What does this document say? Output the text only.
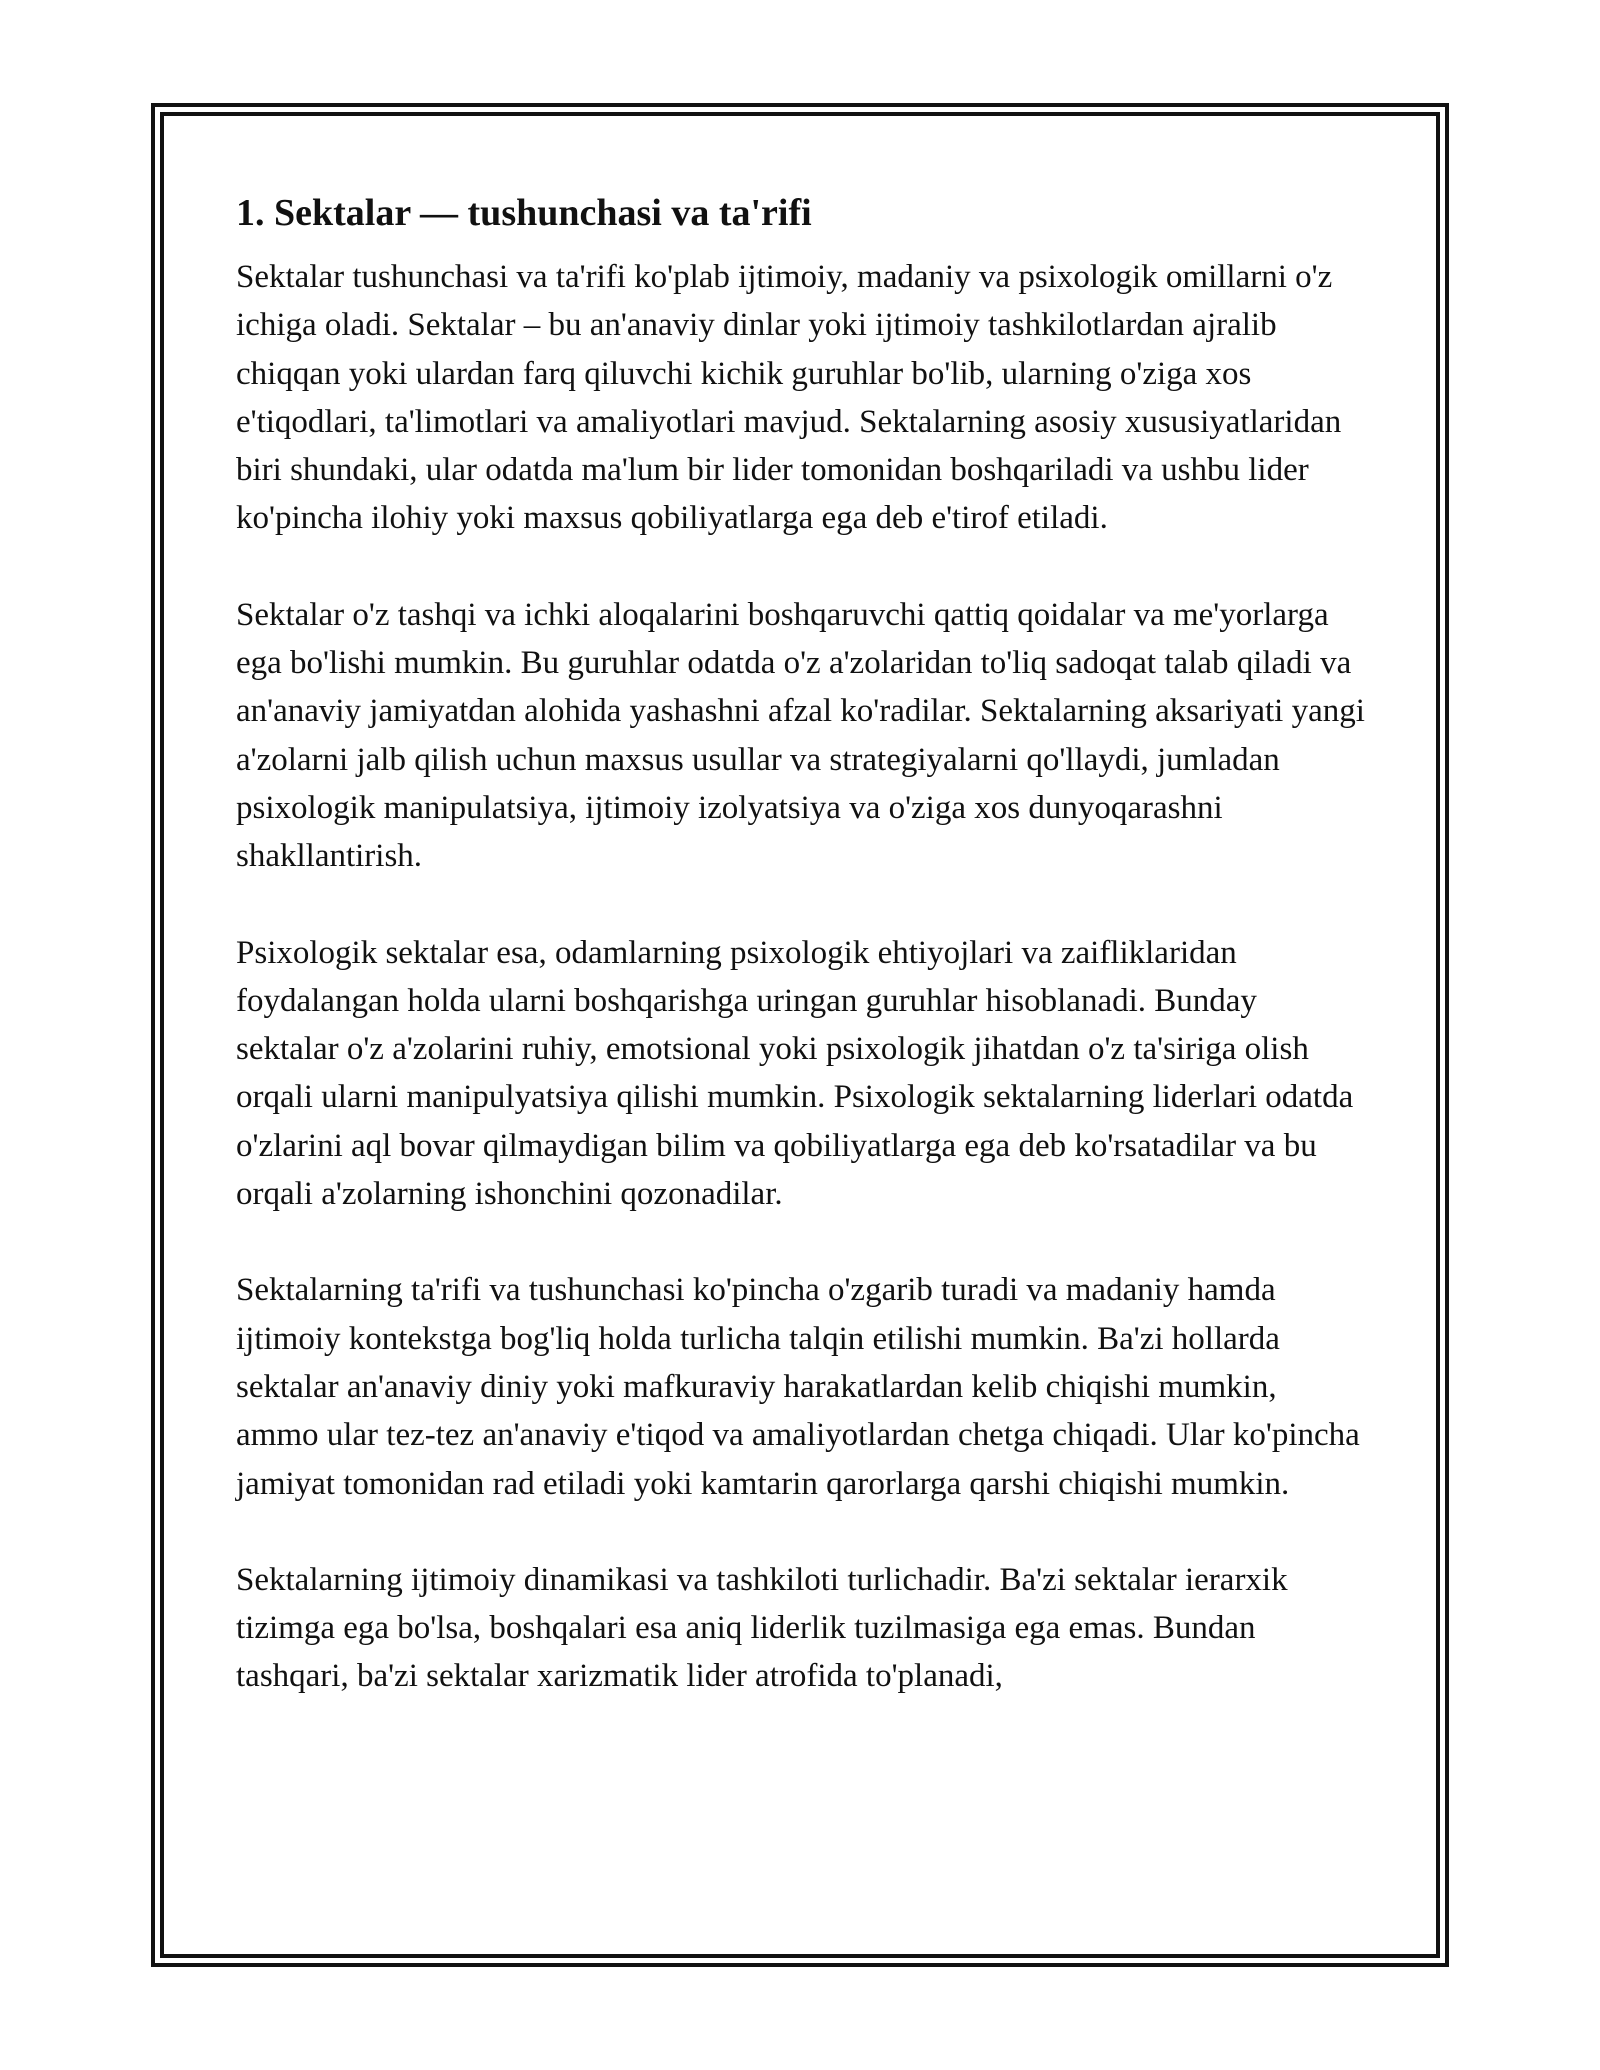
1. Sektalar — tushunchasi va ta'rifi

Sektalar tushunchasi va ta'rifi ko'plab ijtimoiy, madaniy va psixologik omillarni o'z ichiga oladi. Sektalar – bu an'anaviy dinlar yoki ijtimoiy tashkilotlardan ajralib chiqqan yoki ulardan farq qiluvchi kichik guruhlar bo'lib, ularning o'ziga xos e'tiqodlari, ta'limotlari va amaliyotlari mavjud. Sektalarning asosiy xususiyatlaridan biri shundaki, ular odatda ma'lum bir lider tomonidan boshqariladi va ushbu lider ko'pincha ilohiy yoki maxsus qobiliyatlarga ega deb e'tirof etiladi.

Sektalar o'z tashqi va ichki aloqalarini boshqaruvchi qattiq qoidalar va me'yorlarga ega bo'lishi mumkin. Bu guruhlar odatda o'z a'zolaridan to'liq sadoqat talab qiladi va an'anaviy jamiyatdan alohida yashashni afzal ko'radilar. Sektalarning aksariyati yangi a'zolarni jalb qilish uchun maxsus usullar va strategiyalarni qo'llaydi, jumladan psixologik manipulatsiya, ijtimoiy izolyatsiya va o'ziga xos dunyoqarashni shakllantirish.

Psixologik sektalar esa, odamlarning psixologik ehtiyojlari va zaifliklaridan foydalangan holda ularni boshqarishga uringan guruhlar hisoblanadi. Bunday sektalar o'z a'zolarini ruhiy, emotsional yoki psixologik jihatdan o'z ta'siriga olish orqali ularni manipulyatsiya qilishi mumkin. Psixologik sektalarning liderlari odatda o'zlarini aql bovar qilmaydigan bilim va qobiliyatlarga ega deb ko'rsatadilar va bu orqali a'zolarning ishonchini qozonadilar.

Sektalarning ta'rifi va tushunchasi ko'pincha o'zgarib turadi va madaniy hamda ijtimoiy kontekstga bog'liq holda turlicha talqin etilishi mumkin. Ba'zi hollarda sektalar an'anaviy diniy yoki mafkuraviy harakatlardan kelib chiqishi mumkin, ammo ular tez-tez an'anaviy e'tiqod va amaliyotlardan chetga chiqadi. Ular ko'pincha jamiyat tomonidan rad etiladi yoki kamtarin qarorlarga qarshi chiqishi mumkin.

Sektalarning ijtimoiy dinamikasi va tashkiloti turlichadir. Ba'zi sektalar ierarxik tizimga ega bo'lsa, boshqalari esa aniq liderlik tuzilmasiga ega emas. Bundan tashqari, ba'zi sektalar xarizmatik lider atrofida to'planadi,
